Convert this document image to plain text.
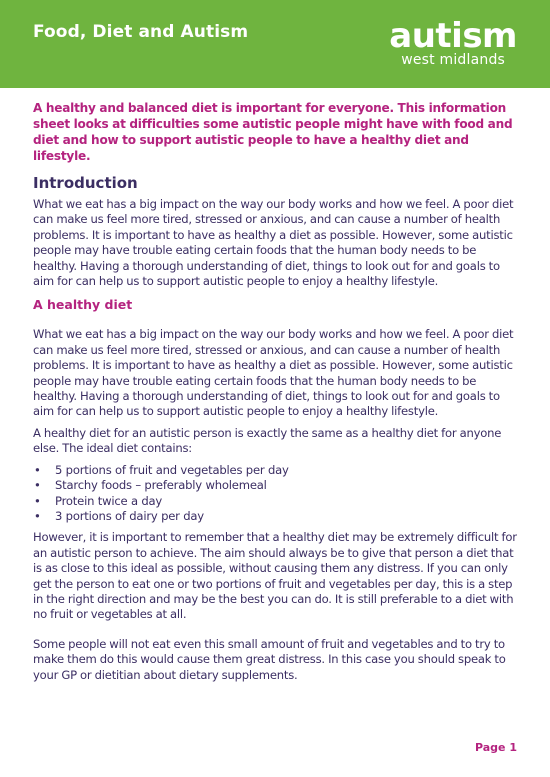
Food, Diet and Autism	autism
west midlands

A healthy and balanced diet is important for everyone. This information sheet looks at difficulties some autistic people might have with food and diet and how to support autistic people to have a healthy diet and lifestyle.

Introduction

What we eat has a big impact on the way our body works and how we feel. A poor diet can make us feel more tired, stressed or anxious, and can cause a number of health problems. It is important to have as healthy a diet as possible. However, some autistic people may have trouble eating certain foods that the human body needs to be healthy. Having a thorough understanding of diet, things to look out for and goals to aim for can help us to support autistic people to enjoy a healthy lifestyle.

A healthy diet

What we eat has a big impact on the way our body works and how we feel. A poor diet can make us feel more tired, stressed or anxious, and can cause a number of health problems. It is important to have as healthy a diet as possible. However, some autistic people may have trouble eating certain foods that the human body needs to be healthy. Having a thorough understanding of diet, things to look out for and goals to aim for can help us to support autistic people to enjoy a healthy lifestyle.

A healthy diet for an autistic person is exactly the same as a healthy diet for anyone else. The ideal diet contains:

• 5 portions of fruit and vegetables per day
• Starchy foods – preferably wholemeal
• Protein twice a day
• 3 portions of dairy per day

However, it is important to remember that a healthy diet may be extremely difficult for an autistic person to achieve. The aim should always be to give that person a diet that is as close to this ideal as possible, without causing them any distress. If you can only get the person to eat one or two portions of fruit and vegetables per day, this is a step in the right direction and may be the best you can do. It is still preferable to a diet with no fruit or vegetables at all.

Some people will not eat even this small amount of fruit and vegetables and to try to make them do this would cause them great distress. In this case you should speak to your GP or dietitian about dietary supplements.

Page 1
